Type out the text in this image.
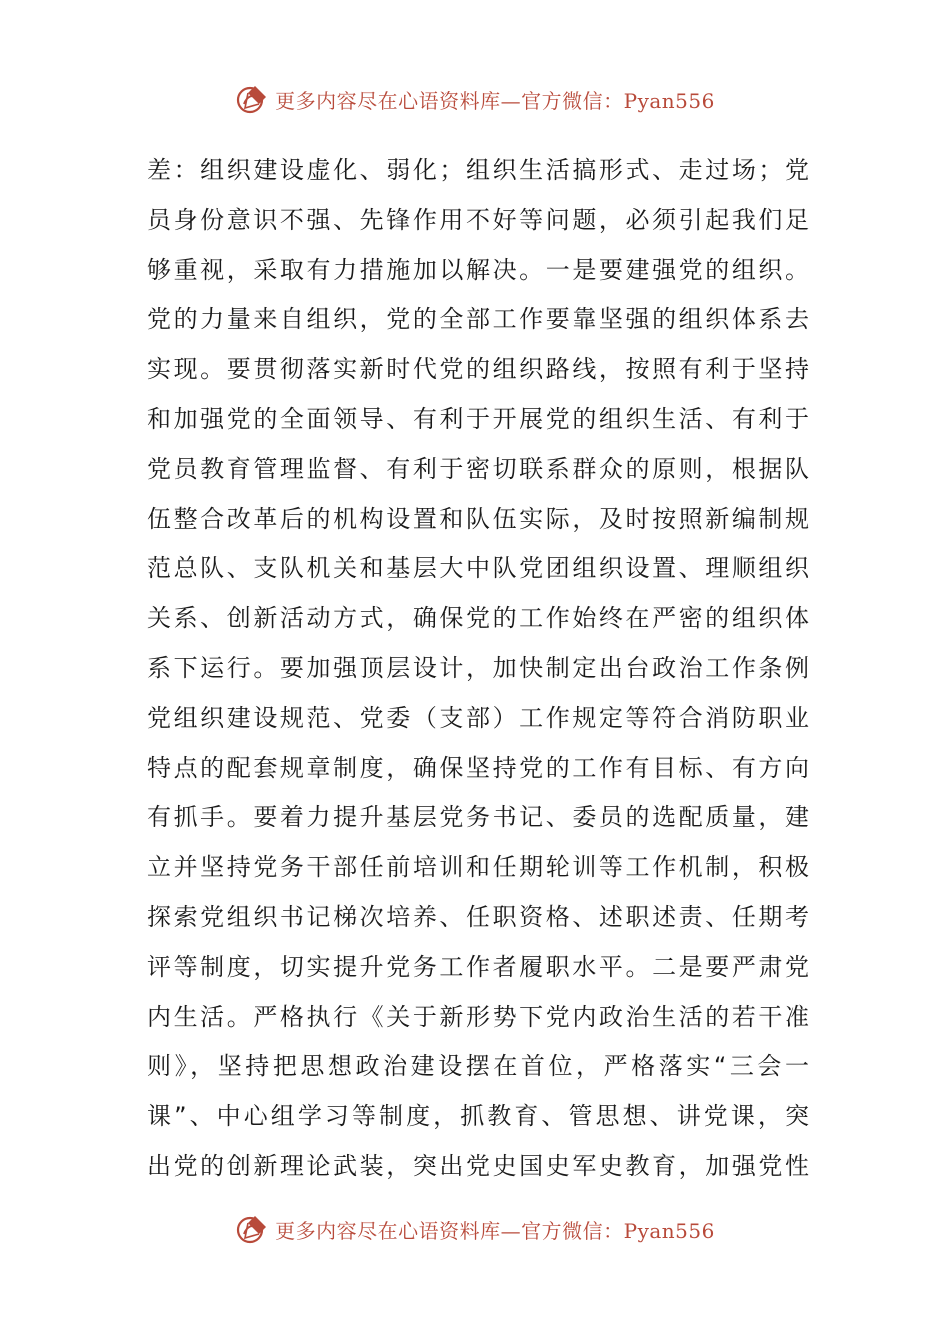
更多内容尽在心语资料库—官方微信：Pyan556
差：组织建设虚化、弱化；组织生活搞形式、走过场；党
员身份意识不强、先锋作用不好等问题，必须引起我们足
够重视，采取有力措施加以解决。一是要建强党的组织。
党的力量来自组织，党的全部工作要靠坚强的组织体系去
实现。要贯彻落实新时代党的组织路线，按照有利于坚持
和加强党的全面领导、有利于开展党的组织生活、有利于
党员教育管理监督、有利于密切联系群众的原则，根据队
伍整合改革后的机构设置和队伍实际，及时按照新编制规
范总队、支队机关和基层大中队党团组织设置、理顺组织
关系、创新活动方式，确保党的工作始终在严密的组织体
系下运行。要加强顶层设计，加快制定出台政治工作条例
党组织建设规范、党委（支部）工作规定等符合消防职业
特点的配套规章制度，确保坚持党的工作有目标、有方向
有抓手。要着力提升基层党务书记、委员的选配质量，建
立并坚持党务干部任前培训和任期轮训等工作机制，积极
探索党组织书记梯次培养、任职资格、述职述责、任期考
评等制度，切实提升党务工作者履职水平。二是要严肃党
内生活。严格执行《关于新形势下党内政治生活的若干准
则》，坚持把思想政治建设摆在首位，严格落实“三会一
课”、中心组学习等制度，抓教育、管思想、讲党课，突
出党的创新理论武装，突出党史国史军史教育，加强党性
更多内容尽在心语资料库—官方微信：Pyan556
